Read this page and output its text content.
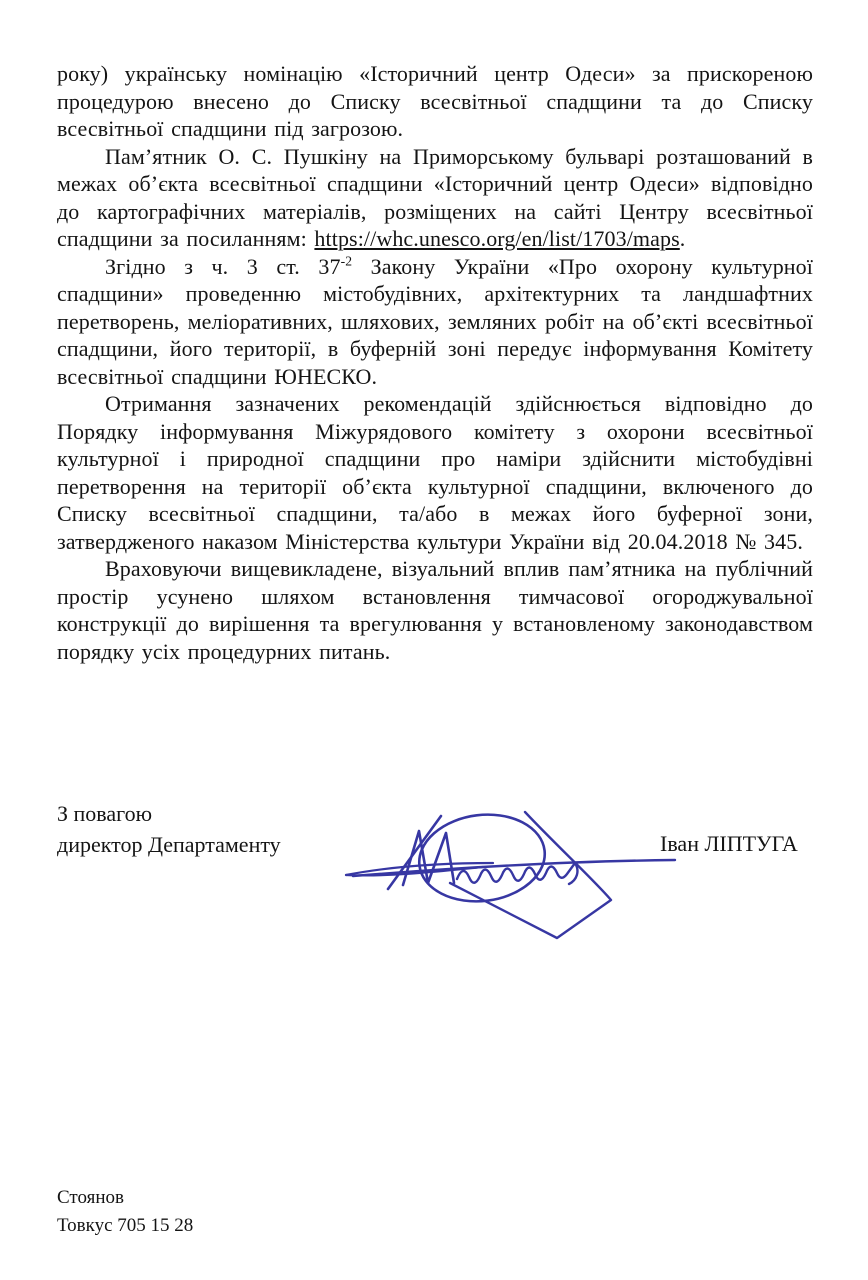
року) українську номінацію «Історичний центр Одеси» за прискореною процедурою внесено до Списку всесвітньої спадщини та до Списку всесвітньої спадщини під загрозою.

Пам’ятник О. С. Пушкіну на Приморському бульварі розташований в межах об’єкта всесвітньої спадщини «Історичний центр Одеси» відповідно до картографічних матеріалів, розміщених на сайті Центру всесвітньої спадщини за посиланням: https://whc.unesco.org/en/list/1703/maps.

Згідно з ч. 3 ст. 37$^{-2}$ Закону України «Про охорону культурної спадщини» проведенню містобудівних, архітектурних та ландшафтних перетворень, меліоративних, шляхових, земляних робіт на об’єкті всесвітньої спадщини, його території, в буферній зоні передує інформування Комітету всесвітньої спадщини ЮНЕСКО.

Отримання зазначених рекомендацій здійснюється відповідно до Порядку інформування Міжурядового комітету з охорони всесвітньої культурної і природної спадщини про наміри здійснити містобудівні перетворення на території об’єкта культурної спадщини, включеного до Списку всесвітньої спадщини, та/або в межах його буферної зони, затвердженого наказом Міністерства культури України від 20.04.2018 № 345.

Враховуючи вищевикладене, візуальний вплив пам’ятника на публічний простір усунено шляхом встановлення тимчасової огороджувальної конструкції до вирішення та врегулювання у встановленому законодавством порядку усіх процедурних питань.

З повагою
директор Департаменту	Іван ЛІПТУГА
Стоянов
Товкус 705 15 28
